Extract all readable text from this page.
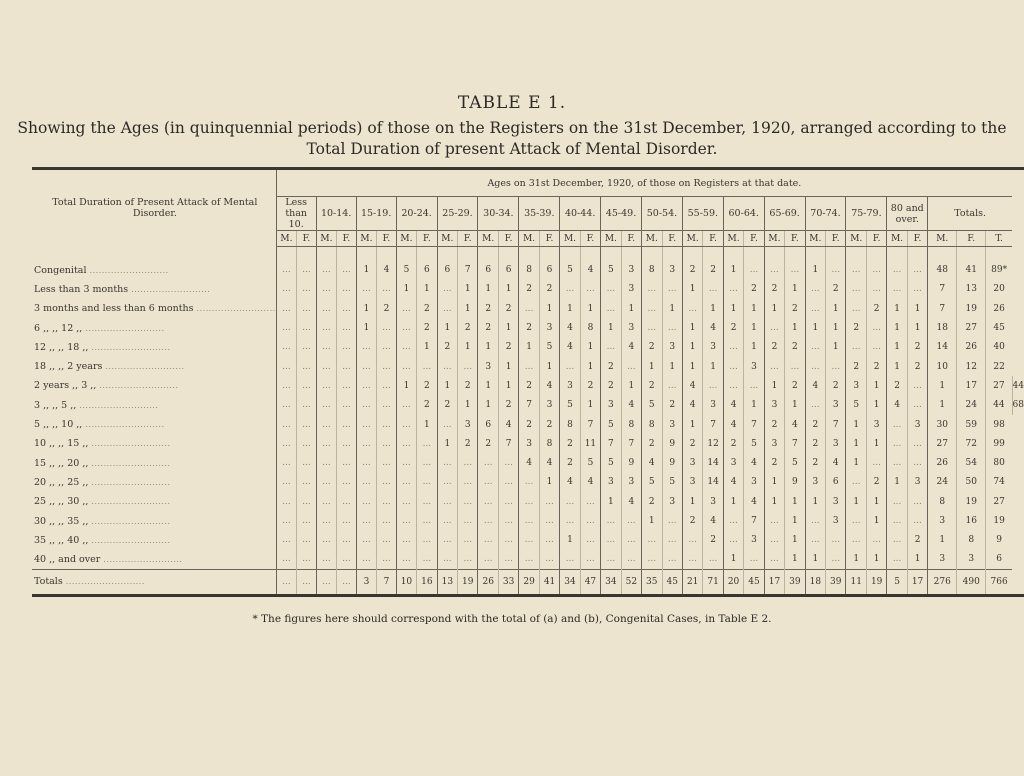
TABLE E 1.
Showing the Ages (in quinquennial periods) of those on the Registers on the 31st December, 1920, arranged according to the
Total Duration of present Attack of Mental Disorder.
Total Duration of Present Attack of Mental Disorder.	Ages on 31st December, 1920, of those on Registers at that date.																																			
	Less than 10.		10-14.		15-19.		20-24.		25-29.		30-34.		35-39.		40-44.		45-49.		50-54.		55-59.		60-64.		65-69.		70-74.		75-79.		80 and over.		Totals.			
	M.	F.	M.	F.	M.	F.	M.	F.	M.	F.	M.	F.	M.	F.	M.	F.	M.	F.	M.	F.	M.	F.	M.	F.	M.	F.	M.	F.	M.	F.	M.	F.	M.	F.	T.	

Congenital ..........................	...	...	...	...	1	4	5	6	6	7	6	6	8	6	5	4	5	3	8	3	2	2	1	...	...	...	1	...	...	...	...	...	48	41	89*	
Less than 3 months ..........................	...	...	...	...	...	...	1	1	...	1	1	1	2	2	...	...	...	3	...	...	1	...	...	2	2	1	...	2	...	...	...	...	7	13	20	
3 months and less than 6 months ..........................	...	...	...	...	1	2	...	2	...	1	2	2	...	1	1	1	...	1	...	1	...	1	1	1	1	2	...	1	...	2	1	1	7	19	26	
6 ,, ,, 12 ,, ..........................	...	...	...	...	1	...	...	2	1	2	2	1	2	3	4	8	1	3	...	...	1	4	2	1	...	1	1	1	2	...	1	1	18	27	45	
12 ,, ,, 18 ,, ..........................	...	...	...	...	...	...	...	1	2	1	1	2	1	5	4	1	...	4	2	3	1	3	...	1	2	2	...	1	...	...	1	2	14	26	40	
18 ,, ,, 2 years ..........................	...	...	...	...	...	...	...	...	...	...	3	1	...	1	...	1	2	...	1	1	1	1	...	3	...	...	...	...	2	2	1	2	10	12	22	
2 years ,, 3 ,, ..........................	...	...	...	...	...	...	1	2	1	2	1	1	2	4	3	2	2	1	2	...	4	...	...	...	1	2	4	2	3	1	2	...	1	17	27	44
3 ,, ,, 5 ,, ..........................	...	...	...	...	...	...	...	2	2	1	1	2	7	3	5	1	3	4	5	2	4	3	4	1	3	1	...	3	5	1	4	...	1	24	44	68
5 ,, ,, 10 ,, ..........................	...	...	...	...	...	...	...	1	...	3	6	4	2	2	8	7	5	8	8	3	1	7	4	7	2	4	2	7	1	3	...	3	30	59	98	
10 ,, ,, 15 ,, ..........................	...	...	...	...	...	...	...	...	1	2	2	7	3	8	2	11	7	7	2	9	2	12	2	5	3	7	2	3	1	1	...	...	27	72	99	
15 ,, ,, 20 ,, ..........................	...	...	...	...	...	...	...	...	...	...	...	...	4	4	2	5	5	9	4	9	3	14	3	4	2	5	2	4	1	...	...	...	26	54	80	
20 ,, ,, 25 ,, ..........................	...	...	...	...	...	...	...	...	...	...	...	...	...	1	4	4	3	3	5	5	3	14	4	3	1	9	3	6	...	2	1	3	24	50	74	
25 ,, ,, 30 ,, ..........................	...	...	...	...	...	...	...	...	...	...	...	...	...	...	...	...	1	4	2	3	1	3	1	4	1	1	1	3	1	1	...	...	8	19	27	
30 ,, ,, 35 ,, ..........................	...	...	...	...	...	...	...	...	...	...	...	...	...	...	...	...	...	...	1	...	2	4	...	7	...	1	...	3	...	1	...	...	3	16	19	
35 ,, ,, 40 ,, ..........................	...	...	...	...	...	...	...	...	...	...	...	...	...	...	1	...	...	...	...	...	...	2	...	3	...	1	...	...	...	...	...	2	1	8	9	
40 ,, and over ..........................	...	...	...	...	...	...	...	...	...	...	...	...	...	...	...	...	...	...	...	...	...	...	1	...	...	1	1	...	1	1	...	1	3	3	6	
Totals ..........................	...	...	...	...	3	7	10	16	13	19	26	33	29	41	34	47	34	52	35	45	21	71	20	45	17	39	18	39	11	19	5	17	276	490	766	
* The figures here should correspond with the total of (a) and (b), Congenital Cases, in Table E 2.
